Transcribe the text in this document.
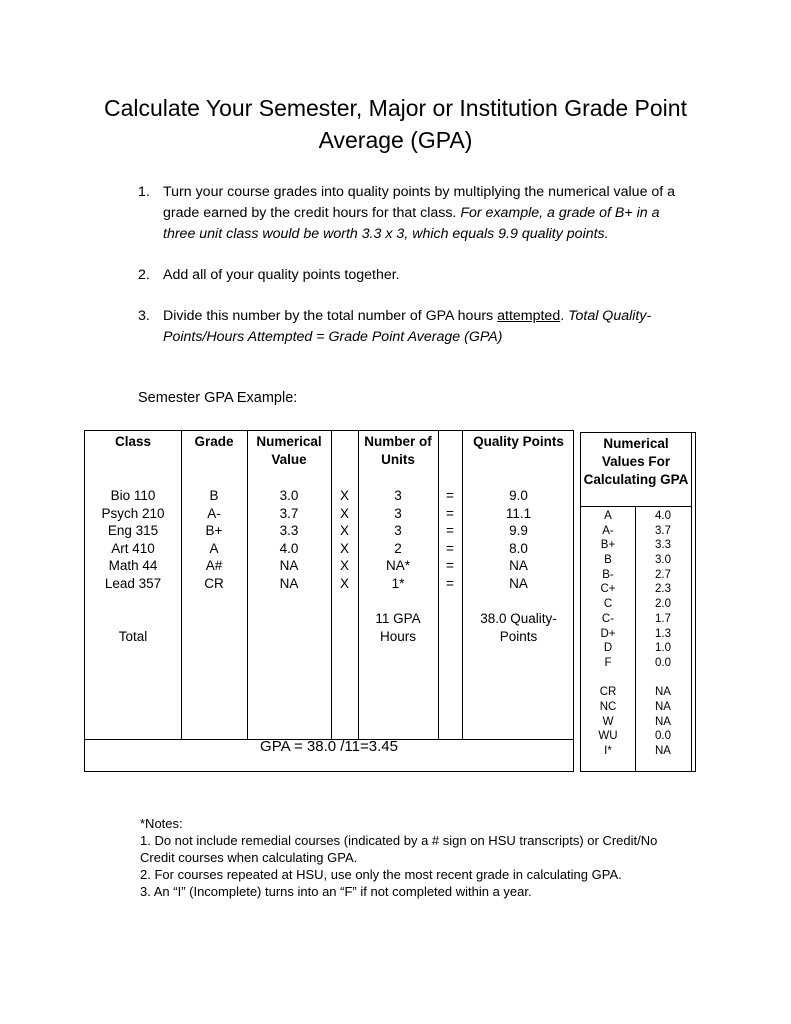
Calculate Your Semester, Major or Institution Grade Point
Average (GPA)
1. Turn your course grades into quality points by multiplying the numerical value of a grade earned by the credit hours for that class. For example, a grade of B+ in a three unit class would be worth 3.3 x 3, which equals 9.9 quality points.
2. Add all of your quality points together.
3. Divide this number by the total number of GPA hours attempted. Total Quality-Points/Hours Attempted = Grade Point Average (GPA)
Semester GPA Example:
Class	Grade	Numerical Value
Number of Units
Quality Points
Bio 110
Psych 210
Eng 315
Art 410
Math 44
Lead 357
Total
B
A-
B+
A
A#
CR
3.0
3.7
3.3
4.0
NA
NA
X
X
X
X
X
X
3
3
3
2
NA*
1*
11 GPA Hours
=
=
=
=
=
=
9.0
11.1
9.9
8.0
NA
NA
38.0 Quality-Points
GPA = 38.0 /11=3.45
Numerical Values For Calculating GPA
A
A-
B+
B
B-
C+
C
C-
D+
D
F
CR
NC
W
WU
I*
4.0
3.7
3.3
3.0
2.7
2.3
2.0
1.7
1.3
1.0
0.0
NA
NA
NA
0.0
NA
*Notes:
1. Do not include remedial courses (indicated by a # sign on HSU transcripts) or Credit/No
Credit courses when calculating GPA.
2. For courses repeated at HSU, use only the most recent grade in calculating GPA.
3. An “I” (Incomplete) turns into an “F” if not completed within a year.
